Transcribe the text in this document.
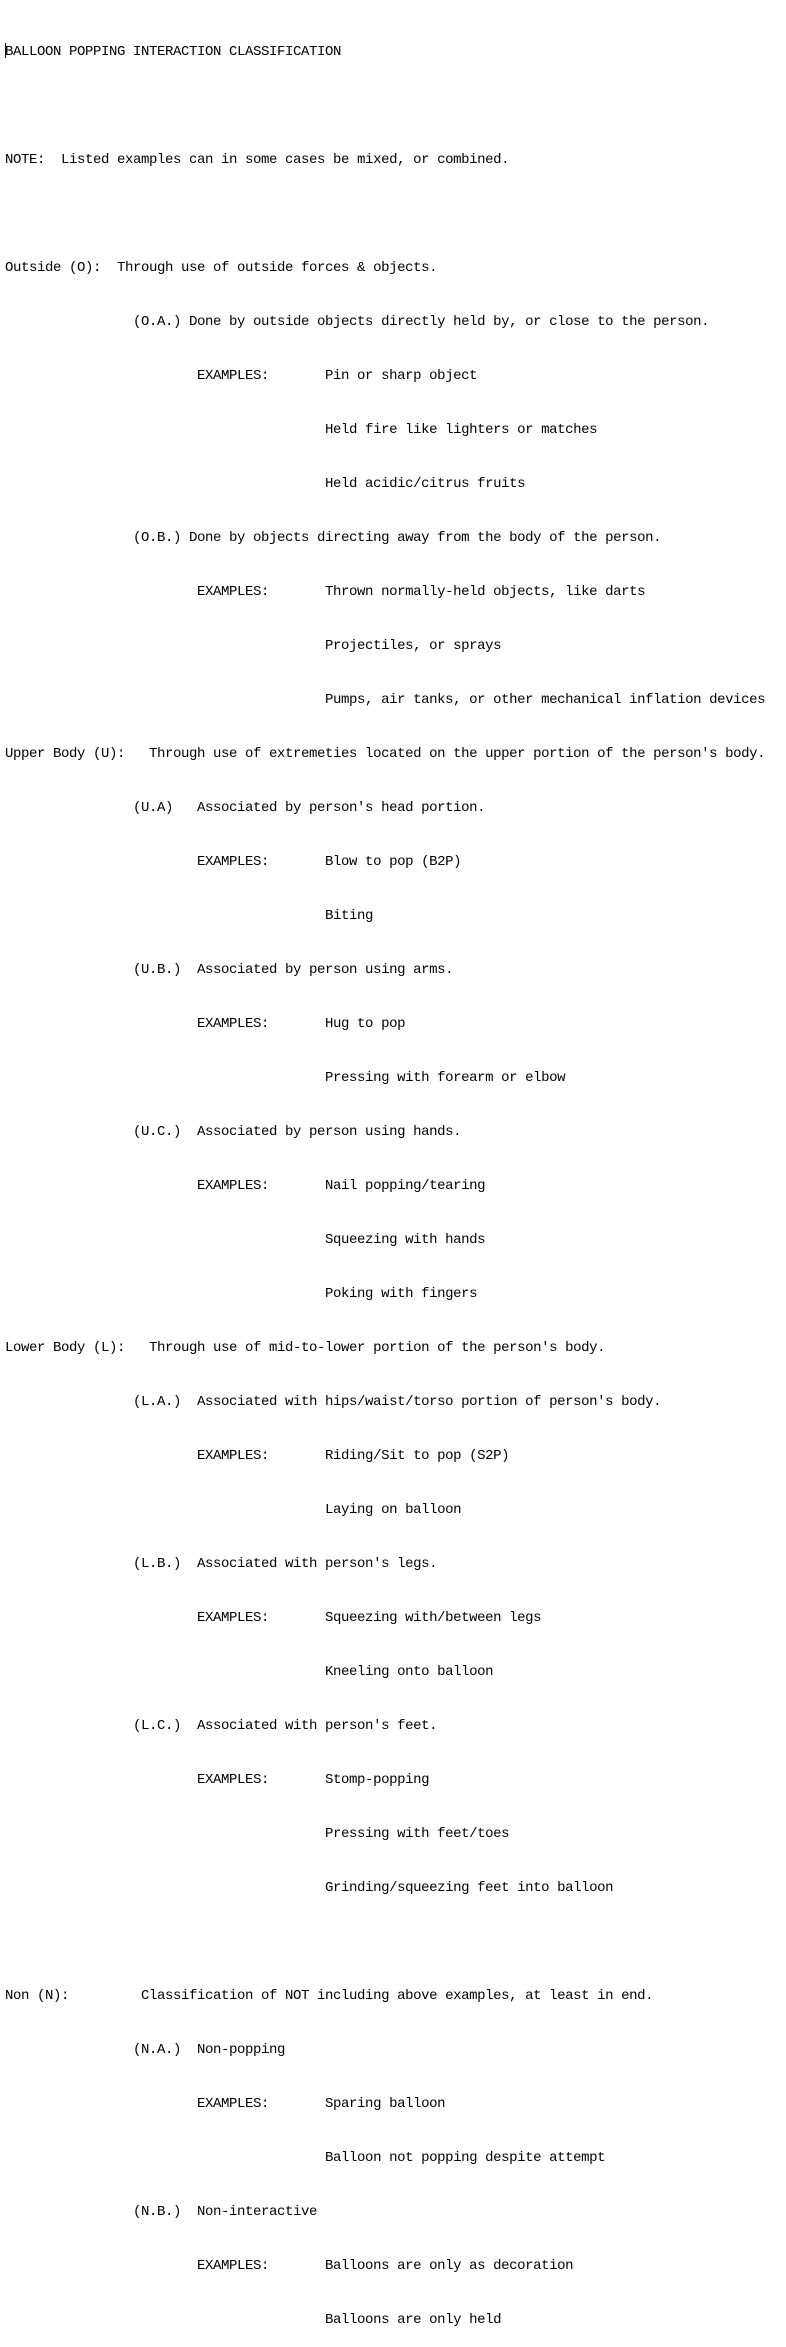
BALLOON POPPING INTERACTION CLASSIFICATION

NOTE:  Listed examples can in some cases be mixed, or combined.

Outside (O):  Through use of outside forces & objects.

(O.A.) Done by outside objects directly held by, or close to the person.

EXAMPLES:       Pin or sharp object

Held fire like lighters or matches

Held acidic/citrus fruits

(O.B.) Done by objects directing away from the body of the person.

EXAMPLES:       Thrown normally-held objects, like darts

Projectiles, or sprays

Pumps, air tanks, or other mechanical inflation devices

Upper Body (U):   Through use of extremeties located on the upper portion of the person's body.

(U.A)   Associated by person's head portion.

EXAMPLES:       Blow to pop (B2P)

Biting

(U.B.)  Associated by person using arms.

EXAMPLES:       Hug to pop

Pressing with forearm or elbow

(U.C.)  Associated by person using hands.

EXAMPLES:       Nail popping/tearing

Squeezing with hands

Poking with fingers

Lower Body (L):   Through use of mid-to-lower portion of the person's body.

(L.A.)  Associated with hips/waist/torso portion of person's body.

EXAMPLES:       Riding/Sit to pop (S2P)

Laying on balloon

(L.B.)  Associated with person's legs.

EXAMPLES:       Squeezing with/between legs

Kneeling onto balloon

(L.C.)  Associated with person's feet.

EXAMPLES:       Stomp-popping

Pressing with feet/toes

Grinding/squeezing feet into balloon

Non (N):         Classification of NOT including above examples, at least in end.

(N.A.)  Non-popping

EXAMPLES:       Sparing balloon

Balloon not popping despite attempt

(N.B.)  Non-interactive

EXAMPLES:       Balloons are only as decoration

Balloons are only held
